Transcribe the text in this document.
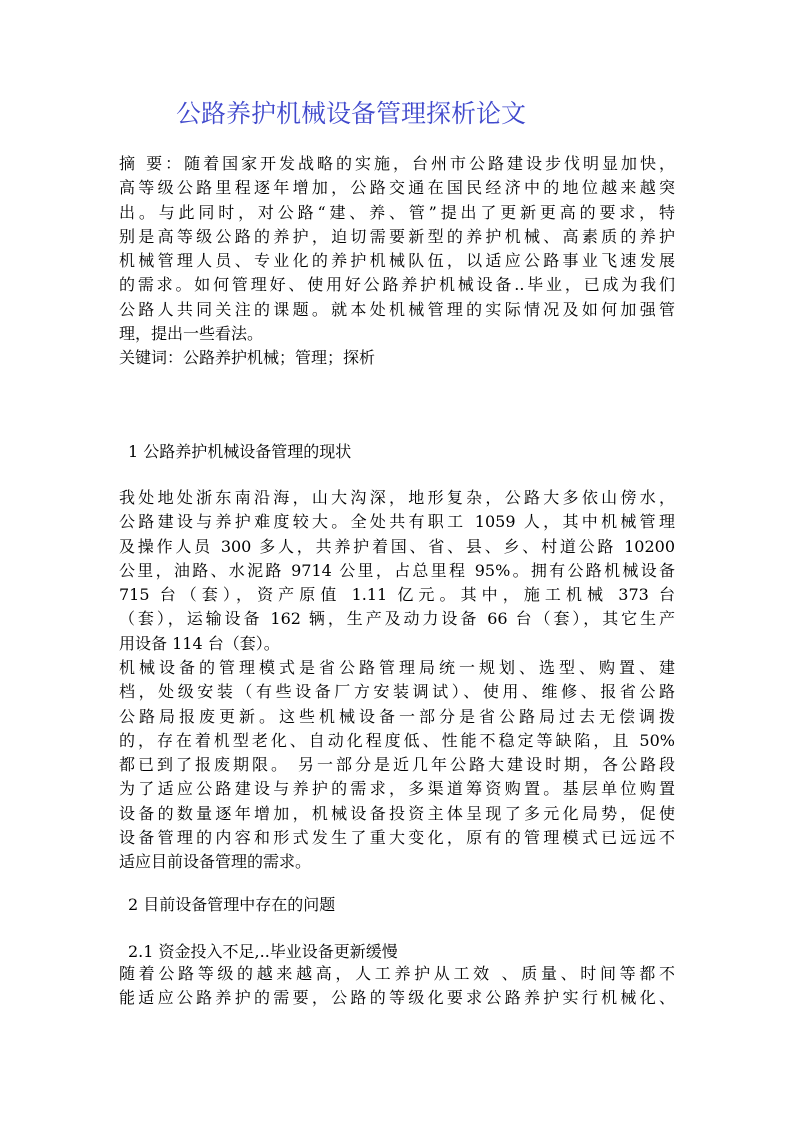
公路养护机械设备管理探析论文
摘 要：随着国家开发战略的实施，台州市公路建设步伐明显加快，
高等级公路里程逐年增加，公路交通在国民经济中的地位越来越突
出。与此同时，对公路“建、养、管”提出了更新更高的要求，特
别是高等级公路的养护，迫切需要新型的养护机械、高素质的养护
机械管理人员、专业化的养护机械队伍，以适应公路事业飞速发展
的需求。如何管理好、使用好公路养护机械设备..毕业，已成为我们
公路人共同关注的课题。就本处机械管理的实际情况及如何加强管
理，提出一些看法。
关键词：公路养护机械；管理；探析
1 公路养护机械设备管理的现状
我处地处浙东南沿海，山大沟深，地形复杂，公路大多依山傍水，
公路建设与养护难度较大。全处共有职工 1059 人，其中机械管理
及操作人员 300 多人，共养护着国、省、县、乡、村道公路 10200
公里，油路、水泥路 9714 公里，占总里程 95%。拥有公路机械设备
715 台（套），资产原值 1.11 亿元。其中，施工机械 373 台
（套），运输设备 162 辆，生产及动力设备 66 台（套），其它生产
用设备 114 台（套）。
机械设备的管理模式是省公路管理局统一规划、选型、购置、建
档，处级安装（有些设备厂方安装调试）、使用、维修、报省公路
公路局报废更新。这些机械设备一部分是省公路局过去无偿调拨
的，存在着机型老化、自动化程度低、性能不稳定等缺陷，且 50%
都已到了报废期限。 另一部分是近几年公路大建设时期，各公路段
为了适应公路建设与养护的需求，多渠道筹资购置。基层单位购置
设备的数量逐年增加，机械设备投资主体呈现了多元化局势，促使
设备管理的内容和形式发生了重大变化，原有的管理模式已远远不
适应目前设备管理的需求。
2 目前设备管理中存在的问题
2.1 资金投入不足,..毕业设备更新缓慢
随着公路等级的越来越高，人工养护从工效 、质量、时间等都不
能适应公路养护的需要，公路的等级化要求公路养护实行机械化、
